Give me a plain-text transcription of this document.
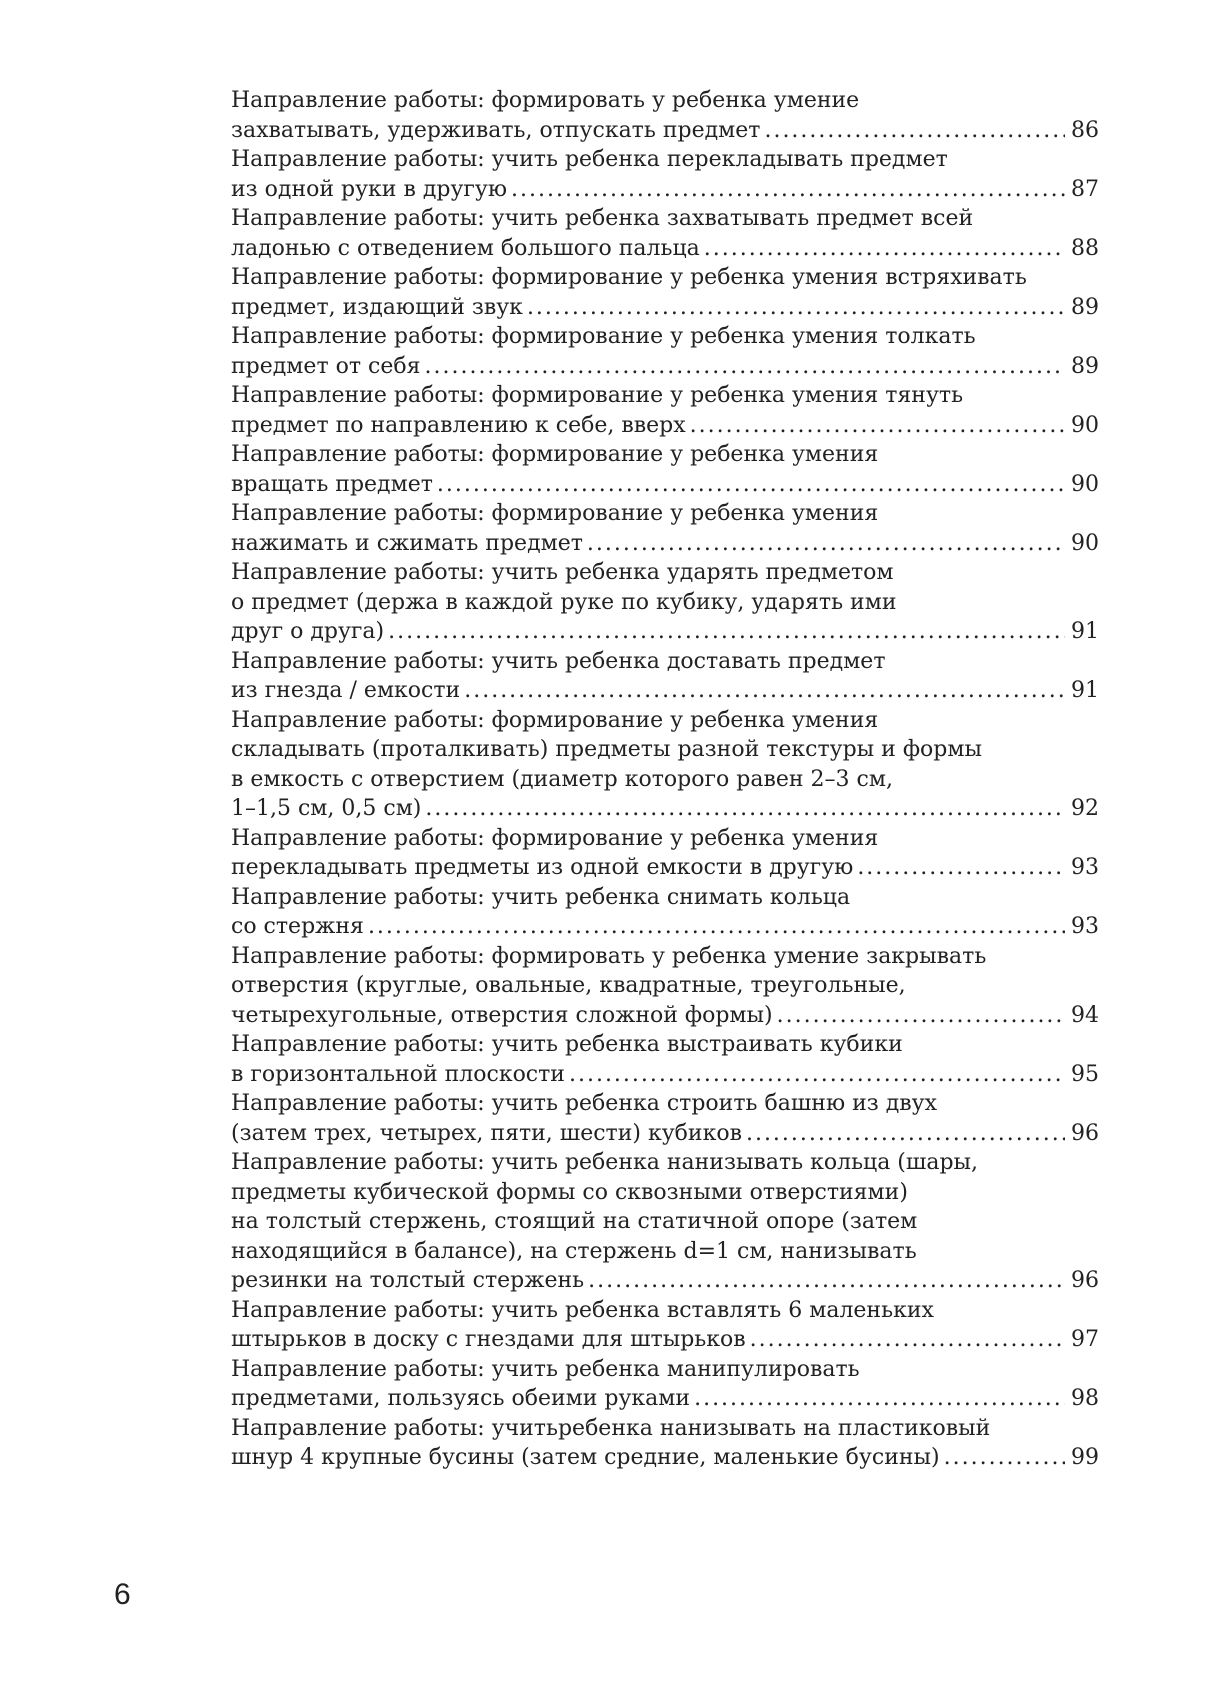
Направление работы: формировать у ребенка умение
захватывать, удерживать, отпускать предмет .....	86
Направление работы: учить ребенка перекладывать предмет
из одной руки в другую .....	87
Направление работы: учить ребенка захватывать предмет всей
ладонью с отведением большого пальца .....	88
Направление работы: формирование у ребенка умения встряхивать
предмет, издающий звук .....	89
Направление работы: формирование у ребенка умения толкать
предмет от себя .....	89
Направление работы: формирование у ребенка умения тянуть
предмет по направлению к себе, вверх .....	90
Направление работы: формирование у ребенка умения
вращать предмет .....	90
Направление работы: формирование у ребенка умения
нажимать и сжимать предмет .....	90
Направление работы: учить ребенка ударять предметом
о предмет (держа в каждой руке по кубику, ударять ими
друг о друга) .....	91
Направление работы: учить ребенка доставать предмет
из гнезда / емкости .....	91
Направление работы: формирование у ребенка умения
складывать (проталкивать) предметы разной текстуры и формы
в емкость с отверстием (диаметр которого равен 2–3 см,
1–1,5 см, 0,5 см) .....	92
Направление работы: формирование у ребенка умения
перекладывать предметы из одной емкости в другую .....	93
Направление работы: учить ребенка снимать кольца
со стержня .....	93
Направление работы: формировать у ребенка умение закрывать
отверстия (круглые, овальные, квадратные, треугольные,
четырехугольные, отверстия сложной формы) .....	94
Направление работы: учить ребенка выстраивать кубики
в горизонтальной плоскости .....	95
Направление работы: учить ребенка строить башню из двух
(затем трех, четырех, пяти, шести) кубиков .....	96
Направление работы: учить ребенка нанизывать кольца (шары,
предметы кубической формы со сквозными отверстиями)
на толстый стержень, стоящий на статичной опоре (затем
находящийся в балансе), на стержень d=1 см, нанизывать
резинки на толстый стержень .....	96
Направление работы: учить ребенка вставлять 6 маленьких
штырьков в доску с гнездами для штырьков .....	97
Направление работы: учить ребенка манипулировать
предметами, пользуясь обеими руками .....	98
Направление работы: учитьребенка нанизывать на пластиковый
шнур 4 крупные бусины (затем средние, маленькие бусины) .....	99
6
